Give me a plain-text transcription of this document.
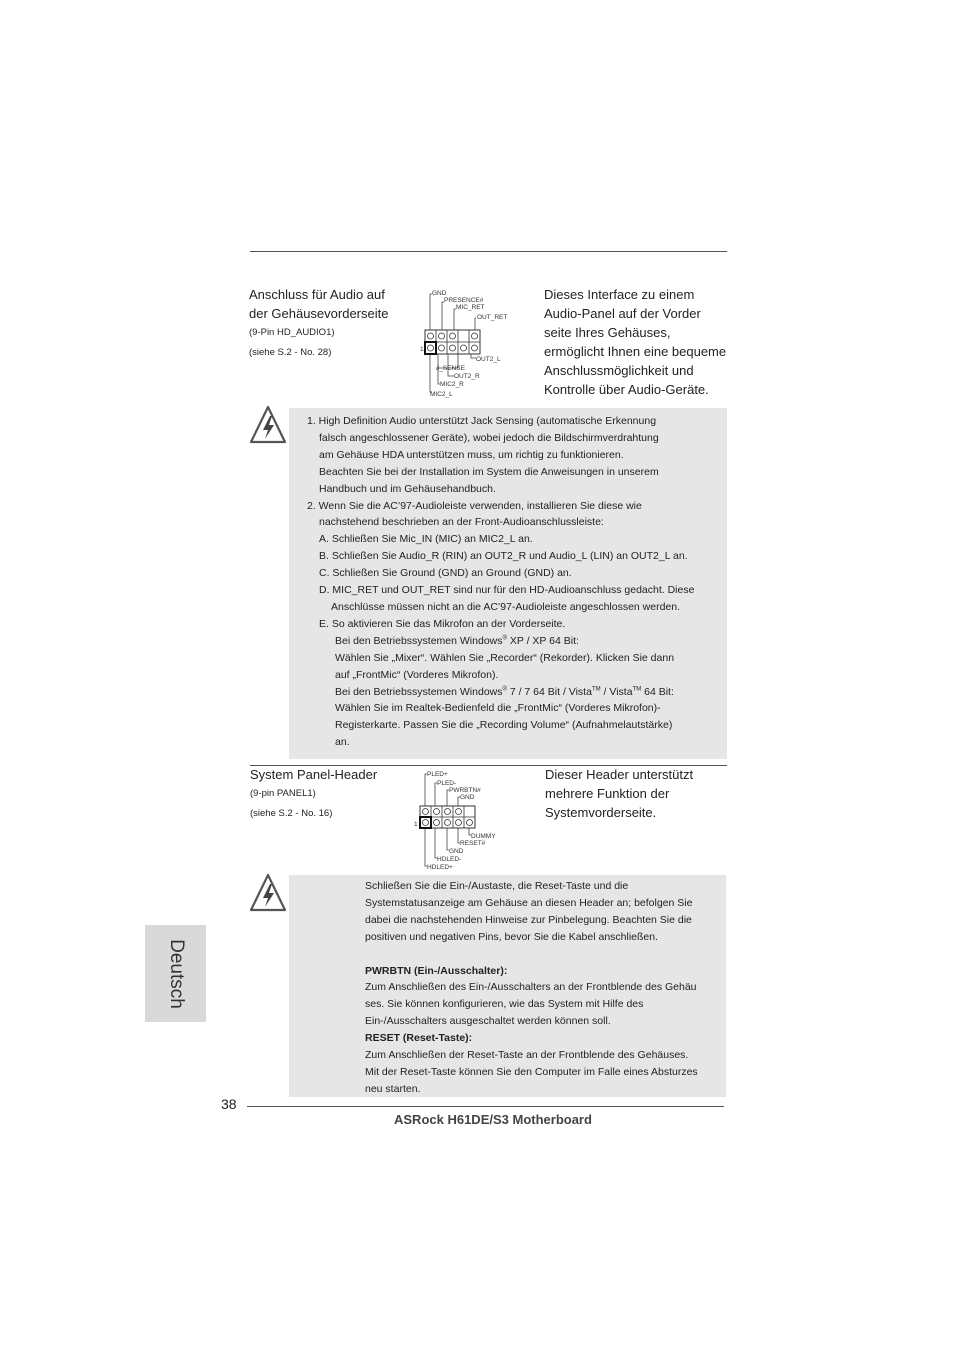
Anschluss für Audio auf
der Gehäusevorderseite
(9-Pin HD_AUDIO1)
(siehe S.2 - No. 28)	1
GND
PRESENCE#
MIC_RET
OUT_RET
OUT2_L
J_SENSE
OUT2_R
MIC2_R
MIC2_L
Dieses Interface zu einem
Audio-Panel auf der Vorder
seite Ihres Gehäuses,
ermöglicht Ihnen eine bequeme
Anschlussmöglichkeit und
Kontrolle über Audio-Geräte.
1. High Definition Audio unterstützt Jack Sensing (automatische Erkennung
falsch angeschlossener Geräte), wobei jedoch die Bildschirmverdrahtung
am Gehäuse HDA unterstützen muss, um richtig zu funktionieren.
Beachten Sie bei der Installation im System die Anweisungen in unserem
Handbuch und im Gehäusehandbuch.
2. Wenn Sie die AC’97-Audioleiste verwenden, installieren Sie diese wie
nachstehend beschrieben an der Front-Audioanschlussleiste:
A. Schließen Sie Mic_IN (MIC) an MIC2_L an.
B. Schließen Sie Audio_R (RIN) an OUT2_R und Audio_L (LIN) an OUT2_L an.
C. Schließen Sie Ground (GND) an Ground (GND) an.
D. MIC_RET und OUT_RET sind nur für den HD-Audioanschluss gedacht. Diese
Anschlüsse müssen nicht an die AC’97-Audioleiste angeschlossen werden.
E. So aktivieren Sie das Mikrofon an der Vorderseite.
Bei den Betriebssystemen Windows® XP / XP 64 Bit:
Wählen Sie „Mixer“. Wählen Sie „Recorder“ (Rekorder). Klicken Sie dann
auf „FrontMic“ (Vorderes Mikrofon).
Bei den Betriebssystemen Windows® 7 / 7 64 Bit / Vista™ / Vista™ 64 Bit:
Wählen Sie im Realtek-Bedienfeld die „FrontMic“ (Vorderes Mikrofon)-
Registerkarte. Passen Sie die „Recording Volume“ (Aufnahmelautstärke)
an.
System Panel-Header
(9-pin PANEL1)
(siehe S.2 - No. 16)
1
PLED+
PLED-
PWRBTN#
GND
DUMMY
RESET#
GND
HDLED-
HDLED+
Dieser Header unterstützt
mehrere Funktion der
Systemvorderseite.
Schließen Sie die Ein-/Austaste, die Reset-Taste und die
Systemstatusanzeige am Gehäuse an diesen Header an; befolgen Sie
dabei die nachstehenden Hinweise zur Pinbelegung. Beachten Sie die
positiven und negativen Pins, bevor Sie die Kabel anschließen.
PWRBTN (Ein-/Ausschalter):
Zum Anschließen des Ein-/Ausschalters an der Frontblende des Gehäu
ses. Sie können konfigurieren, wie das System mit Hilfe des
Ein-/Ausschalters ausgeschaltet werden können soll.
RESET (Reset-Taste):
Zum Anschließen der Reset-Taste an der Frontblende des Gehäuses.
Mit der Reset-Taste können Sie den Computer im Falle eines Absturzes
neu starten.
Deutsch
38
ASRock H61DE/S3 Motherboard
